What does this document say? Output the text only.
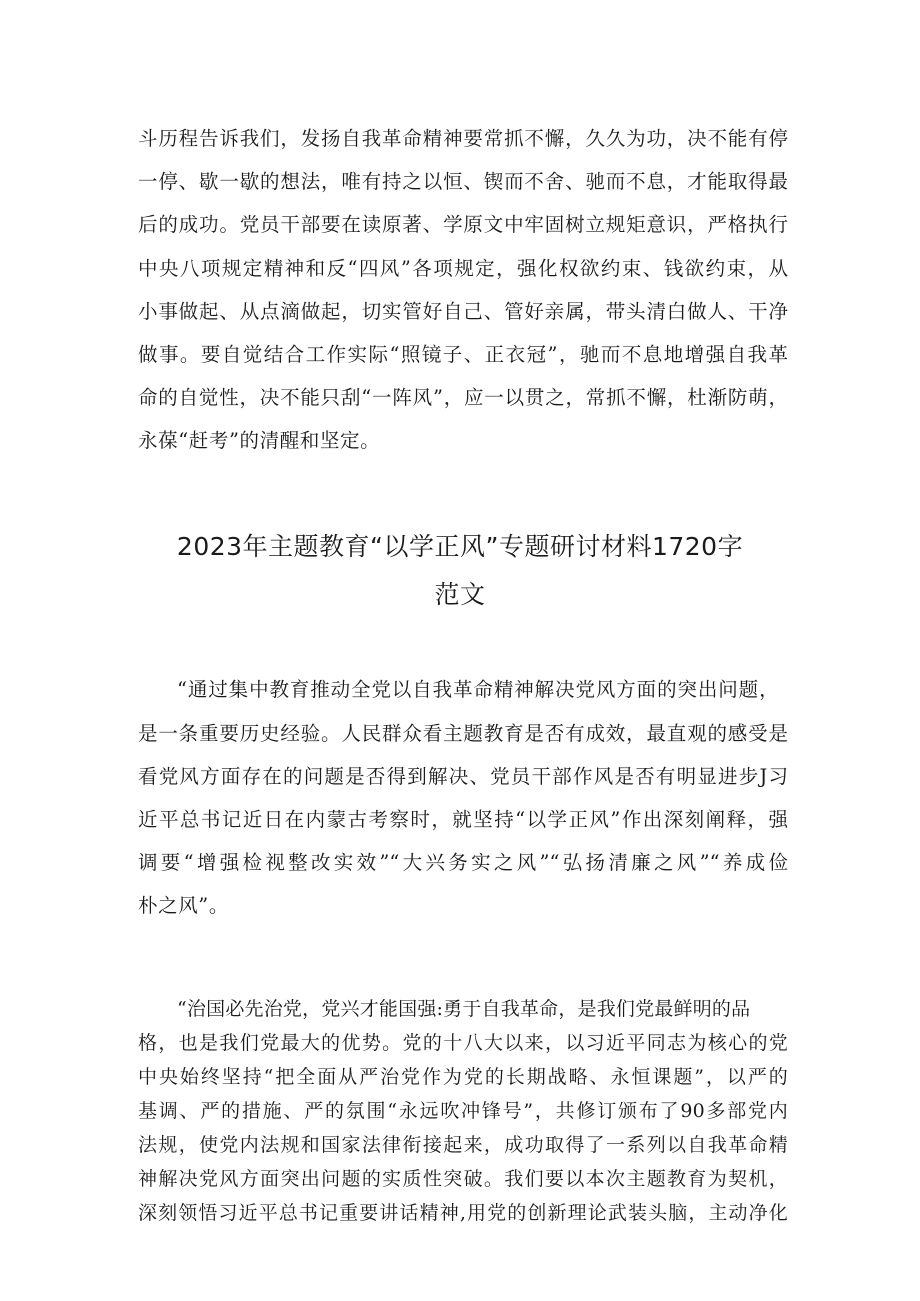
斗历程告诉我们，发扬自我革命精神要常抓不懈，久久为功，决不能有停
一停、歇一歇的想法，唯有持之以恒、锲而不舍、驰而不息，才能取得最
后的成功。党员干部要在读原著、学原文中牢固树立规矩意识，严格执行
中央八项规定精神和反“四风”各项规定，强化权欲约束、钱欲约束，从
小事做起、从点滴做起，切实管好自己、管好亲属，带头清白做人、干净
做事。要自觉结合工作实际“照镜子、正衣冠”，驰而不息地增强自我革
命的自觉性，决不能只刮“一阵风”，应一以贯之，常抓不懈，杜渐防萌，
永葆“赶考”的清醒和坚定。
2023年主题教育“以学正风”专题研讨材料1720字
范文
“通过集中教育推动全党以自我革命精神解决党风方面的突出问题，
是一条重要历史经验。人民群众看主题教育是否有成效，最直观的感受是
看党风方面存在的问题是否得到解决、党员干部作风是否有明显进步J习
近平总书记近日在内蒙古考察时，就坚持“以学正风”作出深刻阐释，强
调要“增强检视整改实效”“大兴务实之风”“弘扬清廉之风”“养成俭
朴之风”。
“治国必先治党，党兴才能国强:勇于自我革命，是我们党最鲜明的品
格，也是我们党最大的优势。党的十八大以来，以习近平同志为核心的党
中央始终坚持“把全面从严治党作为党的长期战略、永恒课题”，以严的
基调、严的措施、严的氛围“永远吹冲锋号”，共修订颁布了90多部党内
法规，使党内法规和国家法律衔接起来，成功取得了一系列以自我革命精
神解决党风方面突出问题的实质性突破。我们要以本次主题教育为契机，
深刻领悟习近平总书记重要讲话精神,用党的创新理论武装头脑，主动净化
